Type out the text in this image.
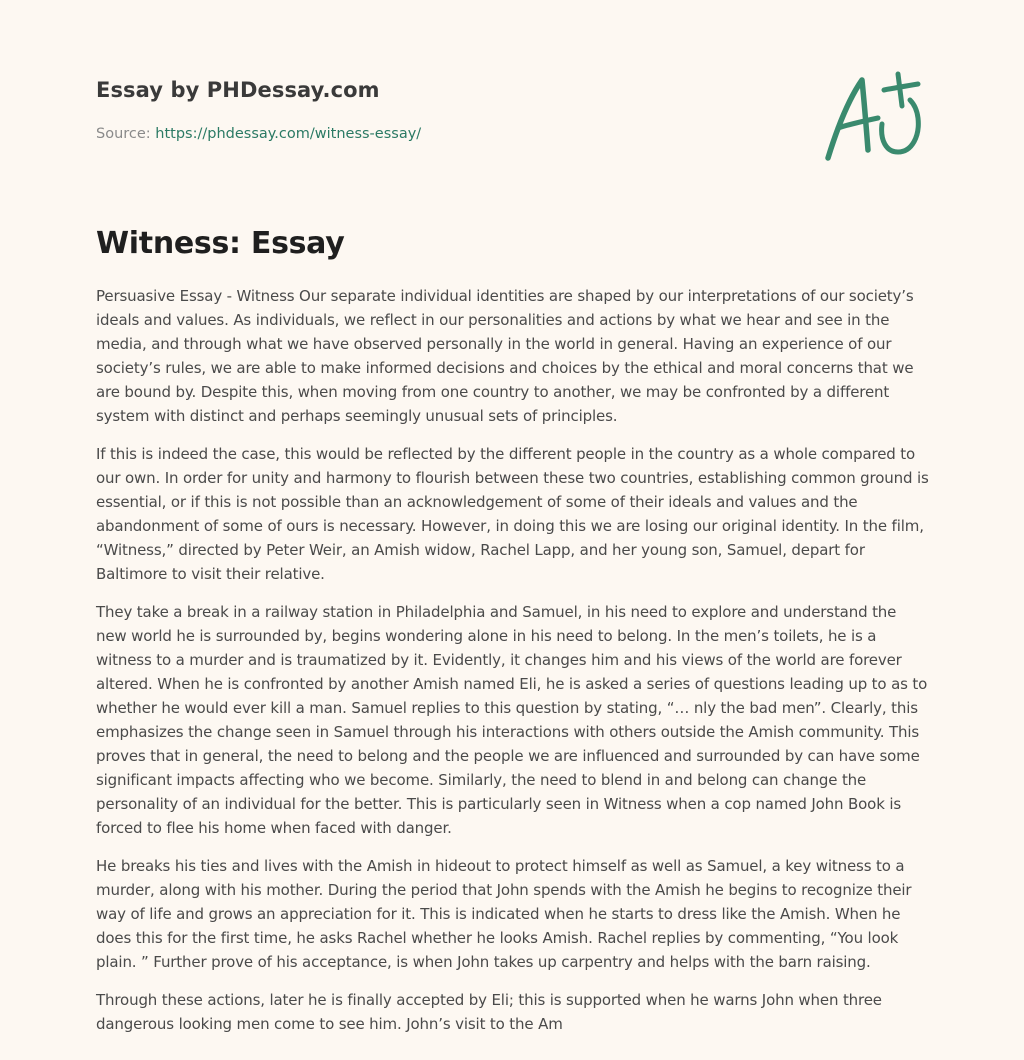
Essay by PHDessay.com
Source: https://phdessay.com/witness-essay/
Witness: Essay

Persuasive Essay - Witness Our separate individual identities are shaped by our interpretations of our society’s ideals and values. As individuals, we reflect in our personalities and actions by what we hear and see in the media, and through what we have observed personally in the world in general. Having an experience of our society’s rules, we are able to make informed decisions and choices by the ethical and moral concerns that we are bound by. Despite this, when moving from one country to another, we may be confronted by a different system with distinct and perhaps seemingly unusual sets of principles.

If this is indeed the case, this would be reflected by the different people in the country as a whole compared to our own. In order for unity and harmony to flourish between these two countries, establishing common ground is essential, or if this is not possible than an acknowledgement of some of their ideals and values and the abandonment of some of ours is necessary. However, in doing this we are losing our original identity. In the film, “Witness,” directed by Peter Weir, an Amish widow, Rachel Lapp, and her young son, Samuel, depart for Baltimore to visit their relative.

They take a break in a railway station in Philadelphia and Samuel, in his need to explore and understand the new world he is surrounded by, begins wondering alone in his need to belong. In the men’s toilets, he is a witness to a murder and is traumatized by it. Evidently, it changes him and his views of the world are forever altered. When he is confronted by another Amish named Eli, he is asked a series of questions leading up to as to whether he would ever kill a man. Samuel replies to this question by stating, “… nly the bad men”. Clearly, this emphasizes the change seen in Samuel through his interactions with others outside the Amish community. This proves that in general, the need to belong and the people we are influenced and surrounded by can have some significant impacts affecting who we become. Similarly, the need to blend in and belong can change the personality of an individual for the better. This is particularly seen in Witness when a cop named John Book is forced to flee his home when faced with danger.

He breaks his ties and lives with the Amish in hideout to protect himself as well as Samuel, a key witness to a murder, along with his mother. During the period that John spends with the Amish he begins to recognize their way of life and grows an appreciation for it. This is indicated when he starts to dress like the Amish. When he does this for the first time, he asks Rachel whether he looks Amish. Rachel replies by commenting, “You look plain. ” Further prove of his acceptance, is when John takes up carpentry and helps with the barn raising.

Through these actions, later he is finally accepted by Eli; this is supported when he warns John when three dangerous looking men come to see him. John’s visit to the Am
